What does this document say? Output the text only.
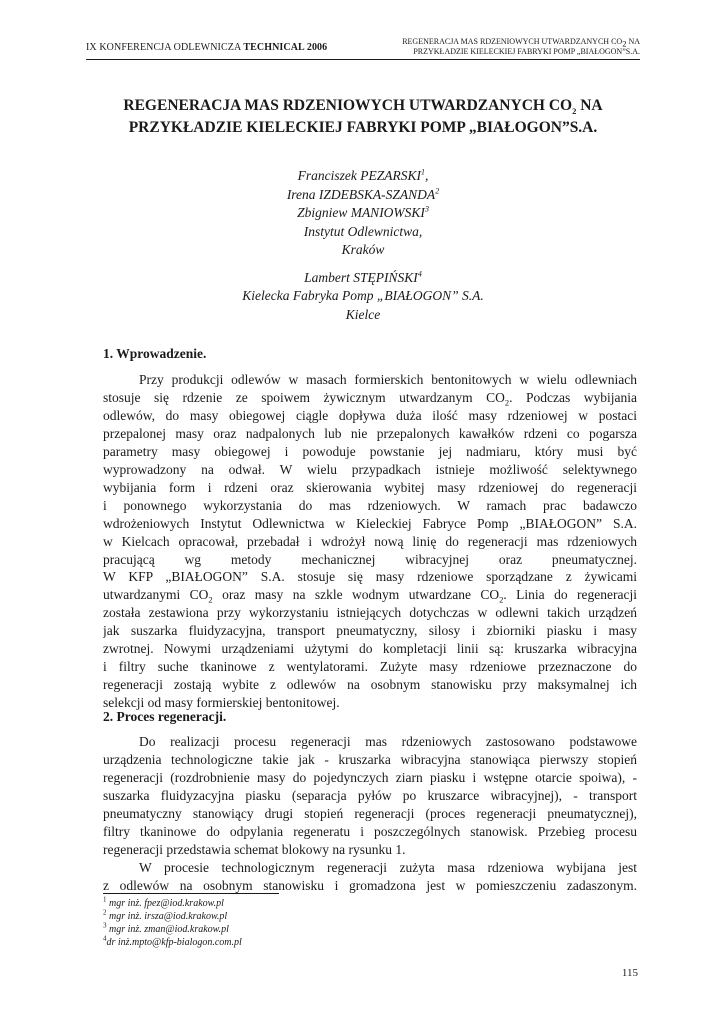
IX KONFERENCJA ODLEWNICZA TECHNICAL 2006
REGENERACJA MAS RDZENIOWYCH UTWARDZANYCH $CO_2$ NA
PRZYKŁADZIE KIELECKIEJ FABRYKI POMP „BIAŁOGON”S.A.
REGENERACJA MAS RDZENIOWYCH UTWARDZANYCH $CO_2$ NA
PRZYKŁADZIE KIELECKIEJ FABRYKI POMP „BIAŁOGON”S.A.
Franciszek PEZARSKI$^1$,
Irena IZDEBSKA-SZANDA$^2$
Zbigniew MANIOWSKI$^3$
Instytut Odlewnictwa,
Kraków
Lambert STĘPIŃSKI$^4$
Kielecka Fabryka Pomp „BIAŁOGON” S.A.
Kielce
1. Wprowadzenie.
Przy produkcji odlewów w masach formierskich bentonitowych w wielu odlewniach
stosuje się rdzenie ze spoiwem żywicznym utwardzanym $CO_2$. Podczas wybijania
odlewów, do masy obiegowej ciągle dopływa duża ilość masy rdzeniowej w postaci
przepalonej masy oraz nadpalonych lub nie przepalonych kawałków rdzeni co pogarsza
parametry masy obiegowej i powoduje powstanie jej nadmiaru, który musi być
wyprowadzony na odwał. W wielu przypadkach istnieje możliwość selektywnego
wybijania form i rdzeni oraz skierowania wybitej masy rdzeniowej do regeneracji
i ponownego wykorzystania do mas rdzeniowych. W ramach prac badawczo
wdrożeniowych Instytut Odlewnictwa w Kieleckiej Fabryce Pomp „BIAŁOGON” S.A.
w Kielcach opracował, przebadał i wdrożył nową linię do regeneracji mas rdzeniowych
pracującą wg metody mechanicznej wibracyjnej oraz pneumatycznej.
W KFP „BIAŁOGON” S.A. stosuje się masy rdzeniowe sporządzane z żywicami
utwardzanymi $CO_2$ oraz masy na szkle wodnym utwardzane $CO_2$. Linia do regeneracji
została zestawiona przy wykorzystaniu istniejących dotychczas w odlewni takich urządzeń
jak suszarka fluidyzacyjna, transport pneumatyczny, silosy i zbiorniki piasku i masy
zwrotnej. Nowymi urządzeniami użytymi do kompletacji linii są: kruszarka wibracyjna
i filtry suche tkaninowe z wentylatorami. Zużyte masy rdzeniowe przeznaczone do
regeneracji zostają wybite z odlewów na osobnym stanowisku przy maksymalnej ich
selekcji od masy formierskiej bentonitowej.
2. Proces regeneracji.
Do realizacji procesu regeneracji mas rdzeniowych zastosowano podstawowe
urządzenia technologiczne takie jak - kruszarka wibracyjna stanowiąca pierwszy stopień
regeneracji (rozdrobnienie masy do pojedynczych ziarn piasku i wstępne otarcie spoiwa), -
suszarka fluidyzacyjna piasku (separacja pyłów po kruszarce wibracyjnej), - transport
pneumatyczny stanowiący drugi stopień regeneracji (proces regeneracji pneumatycznej),
filtry tkaninowe do odpylania regeneratu i poszczególnych stanowisk. Przebieg procesu
regeneracji przedstawia schemat blokowy na rysunku 1.
W procesie technologicznym regeneracji zużyta masa rdzeniowa wybijana jest
z odlewów na osobnym stanowisku i gromadzona jest w pomieszczeniu zadaszonym.
$^1$ mgr inż. fpez@iod.krakow.pl
$^2$ mgr inż. irsza@iod.krakow.pl
$^3$ mgr inż. zman@iod.krakow.pl
$^4$dr inż.mpto@kfp-bialogon.com.pl
115
